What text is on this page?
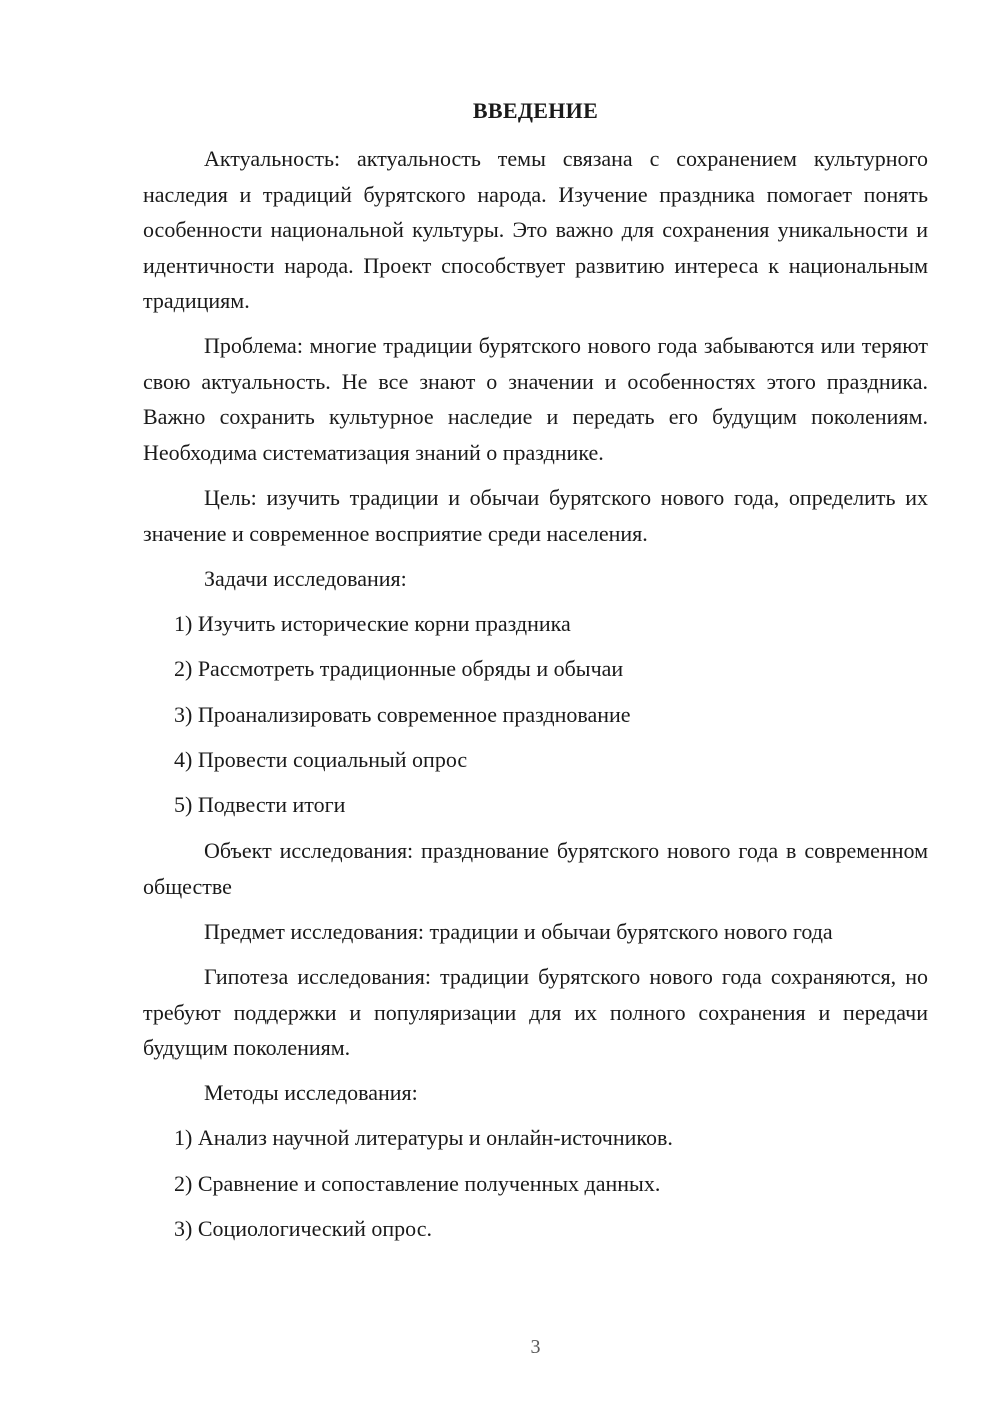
ВВЕДЕНИЕ

Актуальность: актуальность темы связана с сохранением культурного наследия и традиций бурятского народа. Изучение праздника помогает понять особенности национальной культуры. Это важно для сохранения уникальности и идентичности народа. Проект способствует развитию интереса к национальным традициям.

Проблема: многие традиции бурятского нового года забываются или теряют свою актуальность. Не все знают о значении и особенностях этого праздника. Важно сохранить культурное наследие и передать его будущим поколениям. Необходима систематизация знаний о празднике.

Цель: изучить традиции и обычаи бурятского нового года, определить их значение и современное восприятие среди населения.

Задачи исследования:

1) Изучить исторические корни праздника

2) Рассмотреть традиционные обряды и обычаи

3) Проанализировать современное празднование

4) Провести социальный опрос

5) Подвести итоги

Объект исследования: празднование бурятского нового года в современном обществе

Предмет исследования: традиции и обычаи бурятского нового года

Гипотеза исследования: традиции бурятского нового года сохраняются, но требуют поддержки и популяризации для их полного сохранения и передачи будущим поколениям.

Методы исследования:

1) Анализ научной литературы и онлайн-источников.

2) Сравнение и сопоставление полученных данных.

3) Социологический опрос.

3
